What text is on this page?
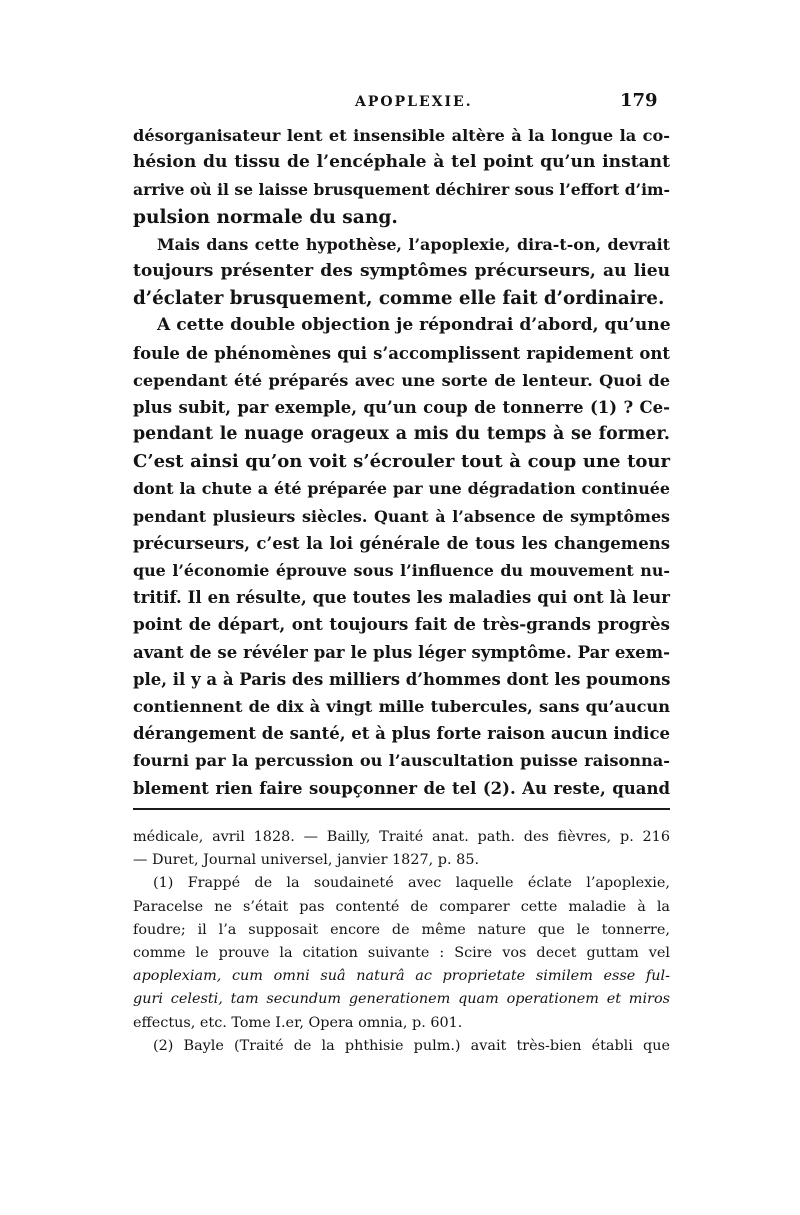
APOPLEXIE.	179
désorganisateur lent et insensible altère à la longue la co-
hésion du tissu de l’encéphale à tel point qu’un instant
arrive où il se laisse brusquement déchirer sous l’effort d’im-
pulsion normale du sang.
Mais dans cette hypothèse, l’apoplexie, dira-t-on, devrait
toujours présenter des symptômes précurseurs, au lieu
d’éclater brusquement, comme elle fait d’ordinaire.
A cette double objection je répondrai d’abord, qu’une
foule de phénomènes qui s’accomplissent rapidement ont
cependant été préparés avec une sorte de lenteur. Quoi de
plus subit, par exemple, qu’un coup de tonnerre (1) ? Ce-
pendant le nuage orageux a mis du temps à se former.
C’est ainsi qu’on voit s’écrouler tout à coup une tour
dont la chute a été préparée par une dégradation continuée
pendant plusieurs siècles. Quant à l’absence de symptômes
précurseurs, c’est la loi générale de tous les changemens
que l’économie éprouve sous l’influence du mouvement nu-
tritif. Il en résulte, que toutes les maladies qui ont là leur
point de départ, ont toujours fait de très-grands progrès
avant de se révéler par le plus léger symptôme. Par exem-
ple, il y a à Paris des milliers d’hommes dont les poumons
contiennent de dix à vingt mille tubercules, sans qu’aucun
dérangement de santé, et à plus forte raison aucun indice
fourni par la percussion ou l’auscultation puisse raisonna-
blement rien faire soupçonner de tel (2). Au reste, quand
médicale, avril 1828. — Bailly, Traité anat. path. des fièvres, p. 216
— Duret, Journal universel, janvier 1827, p. 85.
(1) Frappé de la soudaineté avec laquelle éclate l’apoplexie,
Paracelse ne s’était pas contenté de comparer cette maladie à la
foudre; il l’a supposait encore de même nature que le tonnerre,
comme le prouve la citation suivante : Scire vos decet guttam vel
apoplexiam, cum omni suâ naturâ ac proprietate similem esse ful-
guri celesti, tam secundum generationem quam operationem et miros
effectus, etc. Tome I.er, Opera omnia, p. 601.
(2) Bayle (Traité de la phthisie pulm.) avait très-bien établi que
